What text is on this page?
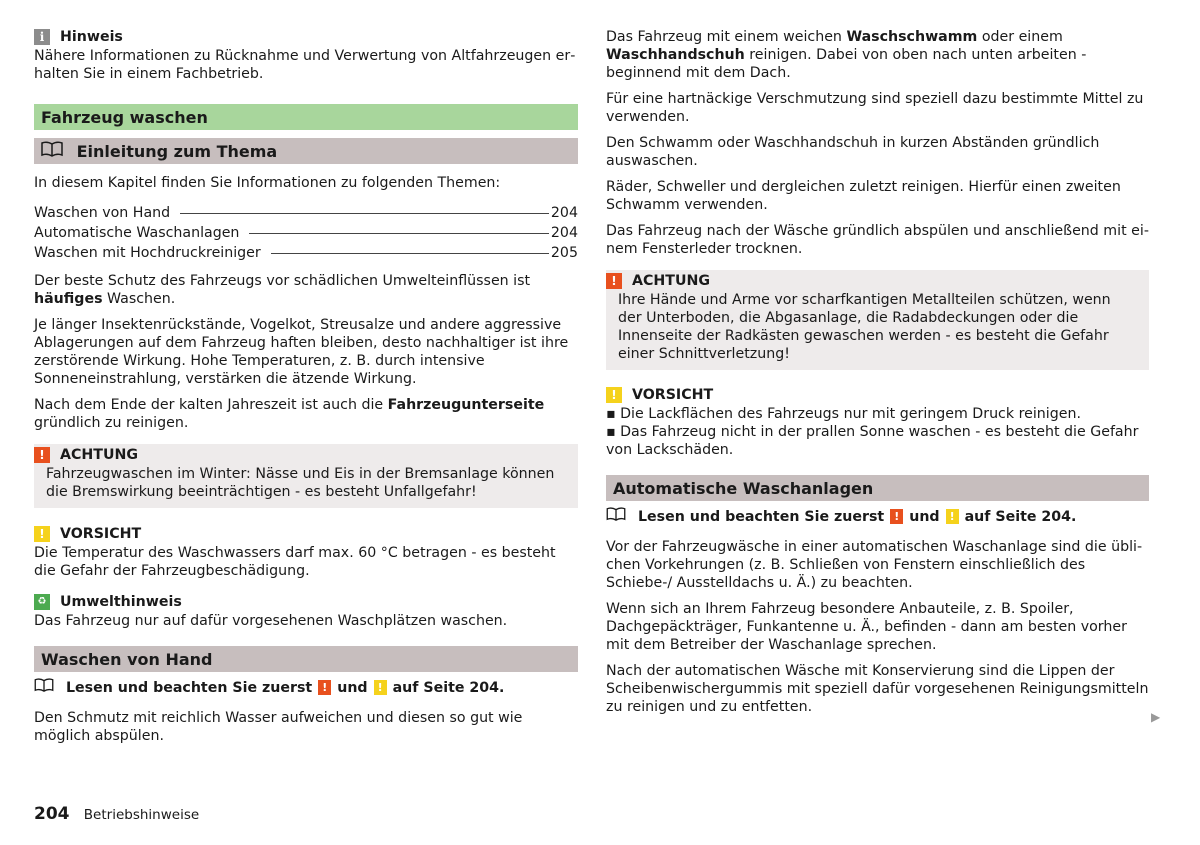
i	Hinweis

Nähere Informationen zu Rücknahme und Verwertung von Altfahrzeugen erhalten Sie in einem Fachbetrieb.

Fahrzeug waschen
Einleitung zum Thema

In diesem Kapitel finden Sie Informationen zu folgenden Themen:

Waschen von Hand	204
Automatische Waschanlagen	204
Waschen mit Hochdruckreiniger	205

Der beste Schutz des Fahrzeugs vor schädlichen Umwelteinflüssen ist häufiges Waschen.

Je länger Insektenrückstände, Vogelkot, Streusalze und andere aggressive Ablagerungen auf dem Fahrzeug haften bleiben, desto nachhaltiger ist ihre zerstörende Wirkung. Hohe Temperaturen, z. B. durch intensive Sonneneinstrahlung, verstärken die ätzende Wirkung.

Nach dem Ende der kalten Jahreszeit ist auch die Fahrzeugunterseite gründlich zu reinigen.

!	ACHTUNG
Fahrzeugwaschen im Winter: Nässe und Eis in der Bremsanlage können die Bremswirkung beeinträchtigen - es besteht Unfallgefahr!
!	VORSICHT

Die Temperatur des Waschwassers darf max. 60 °C betragen - es besteht die Gefahr der Fahrzeugbeschädigung.

♻ Umwelthinweis

Das Fahrzeug nur auf dafür vorgesehenen Waschplätzen waschen.

Waschen von Hand
Lesen und beachten Sie zuerst ! und ! auf Seite 204.

Den Schmutz mit reichlich Wasser aufweichen und diesen so gut wie möglich abspülen.

Das Fahrzeug mit einem weichen Waschschwamm oder einem Waschhandschuh reinigen. Dabei von oben nach unten arbeiten - beginnend mit dem Dach.

Für eine hartnäckige Verschmutzung sind speziell dazu bestimmte Mittel zu verwenden.

Den Schwamm oder Waschhandschuh in kurzen Abständen gründlich auswaschen.

Räder, Schweller und dergleichen zuletzt reinigen. Hierfür einen zweiten Schwamm verwenden.

Das Fahrzeug nach der Wäsche gründlich abspülen und anschließend mit einem Fensterleder trocknen.

!	ACHTUNG
Ihre Hände und Arme vor scharfkantigen Metallteilen schützen, wenn der Unterboden, die Abgasanlage, die Radabdeckungen oder die Innenseite der Radkästen gewaschen werden - es besteht die Gefahr einer Schnittverletzung!
!	VORSICHT

▪ Die Lackflächen des Fahrzeugs nur mit geringem Druck reinigen.

▪ Das Fahrzeug nicht in der prallen Sonne waschen - es besteht die Gefahr von Lackschäden.

Automatische Waschanlagen
Lesen und beachten Sie zuerst ! und ! auf Seite 204.

Vor der Fahrzeugwäsche in einer automatischen Waschanlage sind die üblichen Vorkehrungen (z. B. Schließen von Fenstern einschließlich des Schiebe-/ Ausstelldachs u. Ä.) zu beachten.

Wenn sich an Ihrem Fahrzeug besondere Anbauteile, z. B. Spoiler, Dachgepäckträger, Funkantenne u. Ä., befinden - dann am besten vorher mit dem Betreiber der Waschanlage sprechen.

Nach der automatischen Wäsche mit Konservierung sind die Lippen der Scheibenwischergummis mit speziell dafür vorgesehenen Reinigungsmitteln zu reinigen und zu entfetten.

▶
204 Betriebshinweise
